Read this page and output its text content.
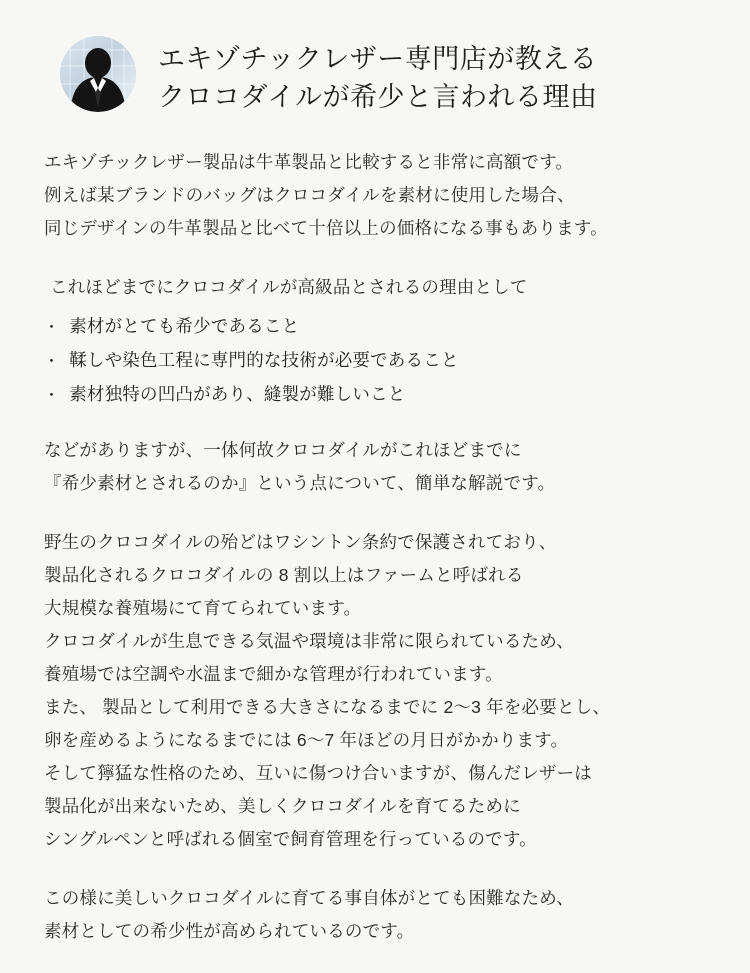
エキゾチックレザー専門店が教える
クロコダイルが希少と言われる理由
エキゾチックレザー製品は牛革製品と比較すると非常に高額です。
例えば某ブランドのバッグはクロコダイルを素材に使用した場合、
同じデザインの牛革製品と比べて十倍以上の価格になる事もあります。
これほどまでにクロコダイルが高級品とされるの理由として
・ 素材がとても希少であること
・ 鞣しや染色工程に専門的な技術が必要であること
・ 素材独特の凹凸があり、縫製が難しいこと
などがありますが、一体何故クロコダイルがこれほどまでに
『希少素材とされるのか』という点について、簡単な解説です。
野生のクロコダイルの殆どはワシントン条約で保護されており、
製品化されるクロコダイルの 8 割以上はファームと呼ばれる
大規模な養殖場にて育てられています。
クロコダイルが生息できる気温や環境は非常に限られているため、
養殖場では空調や水温まで細かな管理が行われています。
また、 製品として利用できる大きさになるまでに 2～3 年を必要とし、
卵を産めるようになるまでには 6～7 年ほどの月日がかかります。
そして獰猛な性格のため、互いに傷つけ合いますが、傷んだレザーは
製品化が出来ないため、美しくクロコダイルを育てるために
シングルペンと呼ばれる個室で飼育管理を行っているのです。
この様に美しいクロコダイルに育てる事自体がとても困難なため、
素材としての希少性が高められているのです。
